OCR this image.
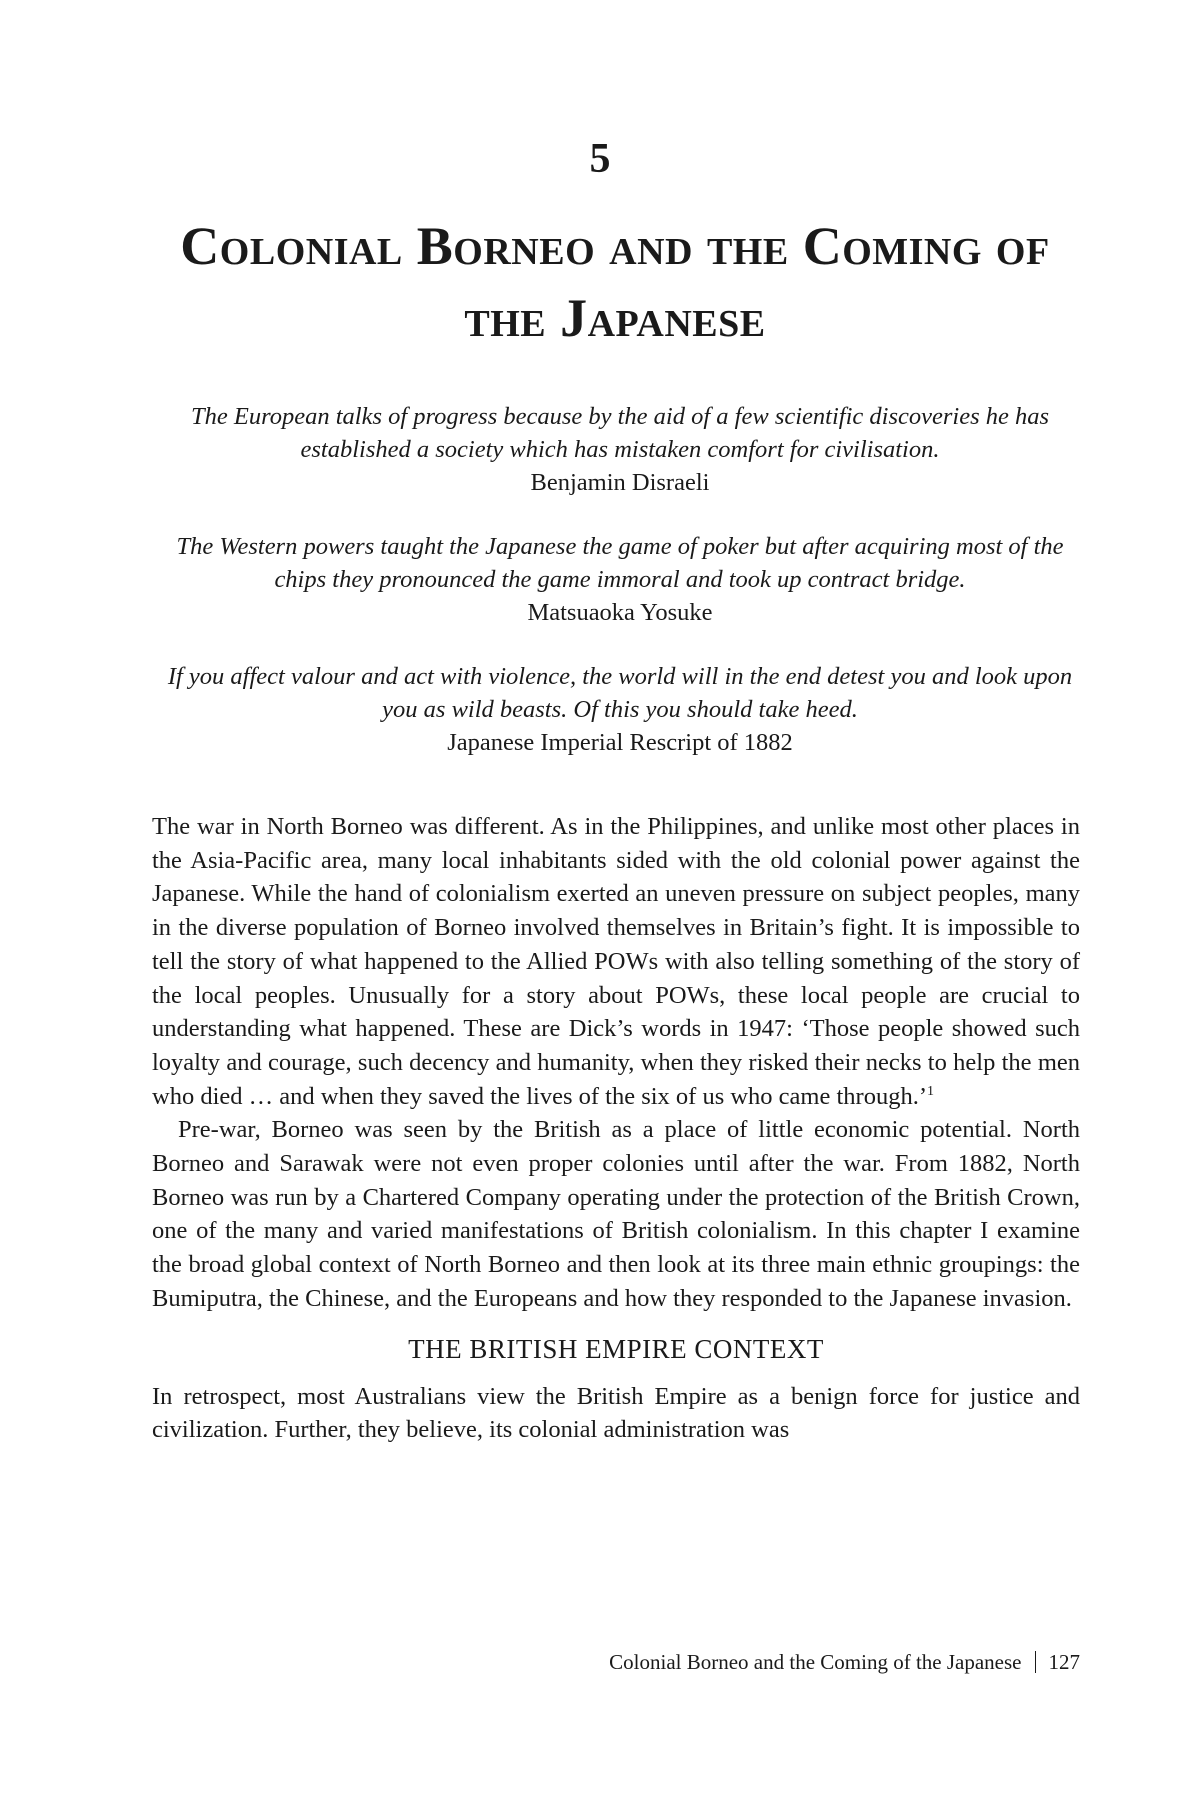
5
Colonial Borneo and the Coming of the Japanese

The European talks of progress because by the aid of a few scientific discoveries he has established a society which has mistaken comfort for civilisation.

Benjamin Disraeli

The Western powers taught the Japanese the game of poker but after acquiring most of the chips they pronounced the game immoral and took up contract bridge.

Matsuaoka Yosuke

If you affect valour and act with violence, the world will in the end detest you and look upon you as wild beasts. Of this you should take heed.

Japanese Imperial Rescript of 1882

The war in North Borneo was different. As in the Philippines, and unlike most other places in the Asia-Pacific area, many local inhabitants sided with the old colonial power against the Japanese. While the hand of colonialism exerted an uneven pressure on subject peoples, many in the diverse population of Borneo involved themselves in Britain’s fight. It is impossible to tell the story of what happened to the Allied POWs with also telling something of the story of the local peoples. Unusually for a story about POWs, these local people are crucial to understanding what happened. These are Dick’s words in 1947: ‘Those people showed such loyalty and courage, such decency and humanity, when they risked their necks to help the men who died … and when they saved the lives of the six of us who came through.’$^1$

Pre-war, Borneo was seen by the British as a place of little economic potential. North Borneo and Sarawak were not even proper colonies until after the war. From 1882, North Borneo was run by a Chartered Company operating under the protection of the British Crown, one of the many and varied manifestations of British colonialism. In this chapter I examine the broad global context of North Borneo and then look at its three main ethnic groupings: the Bumiputra, the Chinese, and the Europeans and how they responded to the Japanese invasion.

THE BRITISH EMPIRE CONTEXT

In retrospect, most Australians view the British Empire as a benign force for justice and civilization. Further, they believe, its colonial administration was

Colonial Borneo and the Coming of the Japanese 127
